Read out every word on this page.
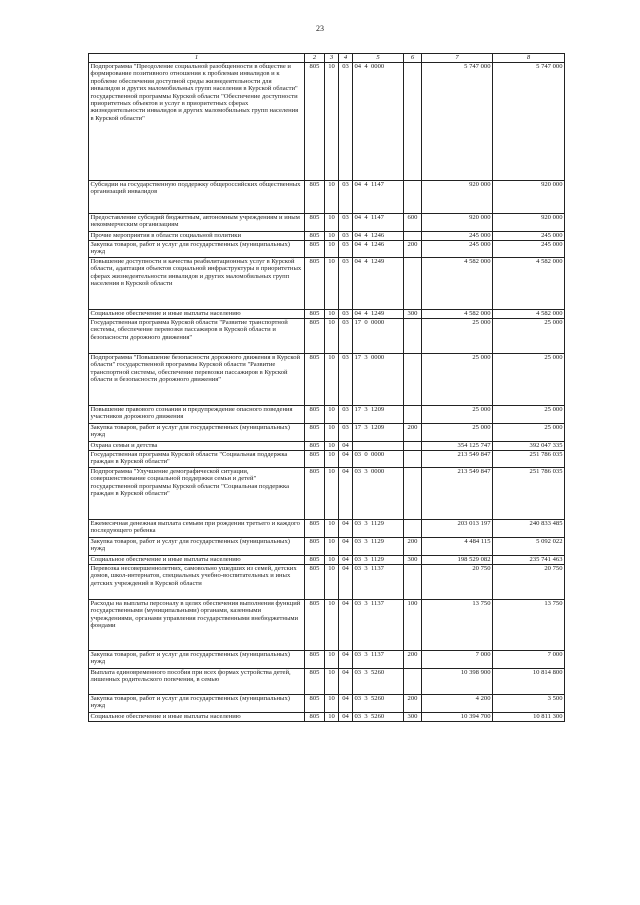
23
1	2	3	4	5	6	7	8
Подпрограмма "Преодоление социальной разобщенности в обществе и формирование позитивного отношения к проблемам инвалидов и к проблеме обеспечения доступной среды жизнедеятельности для инвалидов и других маломобильных групп населения в Курской области" государственной программы Курской области "Обеспечение доступности приоритетных объектов и услуг в приоритетных сферах жизнедеятельности инвалидов и других маломобильных групп населения в Курской области"	805	10	03	04  4  0000		5 747 000	5 747 000
Субсидии на государственную поддержку общероссийских общественных организаций инвалидов	805	10	03	04  4  1147		920 000	920 000
Предоставление субсидий бюджетным, автономным учреждениям и иным некоммерческим организациям	805	10	03	04  4  1147	600	920 000	920 000
Прочие мероприятия в области социальной политики	805	10	03	04  4  1246		245 000	245 000
Закупка товаров, работ и услуг для государственных (муниципальных) нужд	805	10	03	04  4  1246	200	245 000	245 000
Повышение доступности и качества реабилитационных услуг в Курской области, адаптация объектов социальной инфраструктуры в приоритетных сферах жизнедеятельности инвалидов и других маломобильных групп населения в Курской области	805	10	03	04  4  1249		4 582 000	4 582 000
Социальное обеспечение и иные выплаты населению	805	10	03	04  4  1249	300	4 582 000	4 582 000
Государственная программа Курской области "Развитие транспортной системы, обеспечение перевозки пассажиров в Курской области и безопасности дорожного движения"	805	10	03	17  0  0000		25 000	25 000
Подпрограмма "Повышение безопасности дорожного движения в Курской области" государственной программы Курской области "Развитие транспортной системы, обеспечение перевозки пассажиров в Курской области и безопасности дорожного движения"	805	10	03	17  3  0000		25 000	25 000
Повышение правового сознания и предупреждение опасного поведения участников дорожного движения	805	10	03	17  3  1209		25 000	25 000
Закупка товаров, работ и услуг для государственных (муниципальных) нужд	805	10	03	17  3  1209	200	25 000	25 000
Охрана семьи и детства	805	10	04			354 125 747	392 047 335
Государственная программа Курской области "Социальная поддержка граждан в Курской области"	805	10	04	03  0  0000		213 549 847	251 786 035
Подпрограмма "Улучшение демографической ситуации, совершенствование социальной поддержки семьи и детей" государственной программы Курской области "Социальная поддержка граждан в Курской области"	805	10	04	03  3  0000		213 549 847	251 786 035
Ежемесячная денежная выплата семьям при рождении третьего и каждого последующего ребенка	805	10	04	03  3  1129		203 013 197	240 833 485
Закупка товаров, работ и услуг для государственных (муниципальных) нужд	805	10	04	03  3  1129	200	4 484 115	5 092 022
Социальное обеспечение и иные выплаты населению	805	10	04	03  3  1129	300	198 529 082	235 741 463
Перевозка несовершеннолетних, самовольно ушедших из семей, детских домов, школ-интернатов, специальных учебно-воспитательных и иных детских учреждений в Курской области	805	10	04	03  3  1137		20 750	20 750
Расходы на выплаты персоналу в целях обеспечения выполнения функций государственными (муниципальными) органами, казенными учреждениями, органами управления государственными внебюджетными фондами	805	10	04	03  3  1137	100	13 750	13 750
Закупка товаров, работ и услуг для государственных (муниципальных) нужд	805	10	04	03  3  1137	200	7 000	7 000
Выплата единовременного пособия при всех формах устройства детей, лишенных родительского попечения, в семью	805	10	04	03  3  5260		10 398 900	10 814 800
Закупка товаров, работ и услуг для государственных (муниципальных) нужд	805	10	04	03  3  5260	200	4 200	3 500
Социальное обеспечение и иные выплаты населению	805	10	04	03  3  5260	300	10 394 700	10 811 300
